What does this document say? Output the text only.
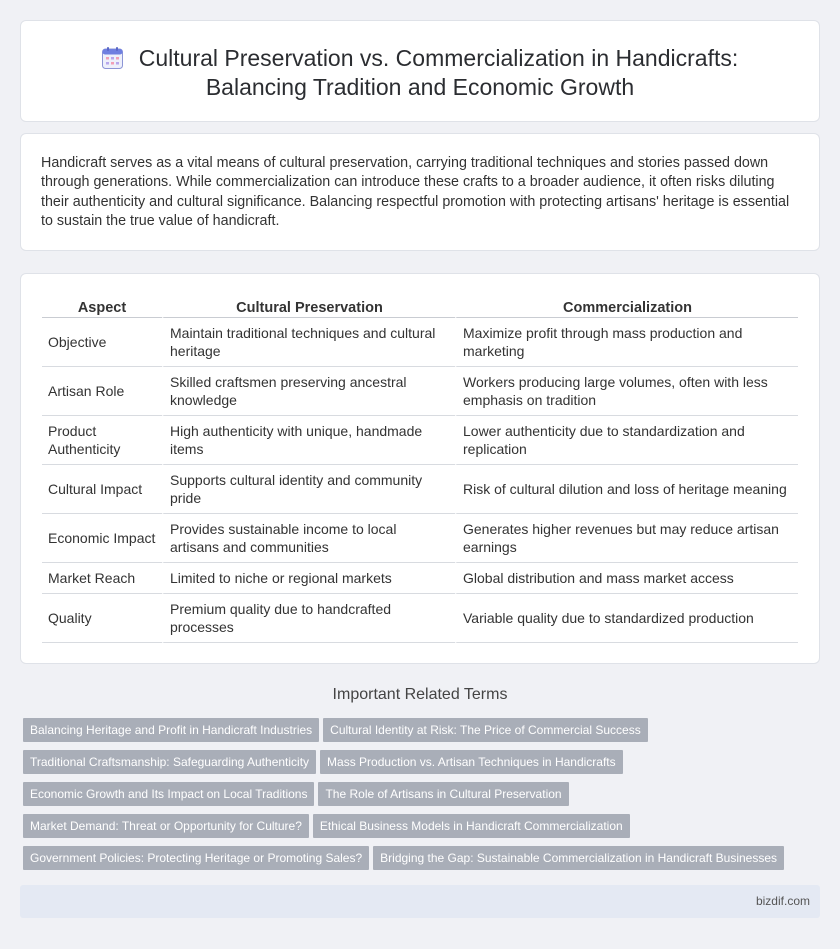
Cultural Preservation vs. Commercialization in Handicrafts:
Balancing Tradition and Economic Growth

Handicraft serves as a vital means of cultural preservation, carrying traditional techniques and stories passed down through generations. While commercialization can introduce these crafts to a broader audience, it often risks diluting their authenticity and cultural significance. Balancing respectful promotion with protecting artisans' heritage is essential to sustain the true value of handicraft.

Aspect	Cultural Preservation	Commercialization
Objective	Maintain traditional techniques and cultural heritage	Maximize profit through mass production and marketing
Artisan Role	Skilled craftsmen preserving ancestral knowledge	Workers producing large volumes, often with less emphasis on tradition
Product Authenticity	High authenticity with unique, handmade items	Lower authenticity due to standardization and replication
Cultural Impact	Supports cultural identity and community pride	Risk of cultural dilution and loss of heritage meaning
Economic Impact	Provides sustainable income to local artisans and communities	Generates higher revenues but may reduce artisan earnings
Market Reach	Limited to niche or regional markets	Global distribution and mass market access
Quality	Premium quality due to handcrafted processes	Variable quality due to standardized production
Important Related Terms
Balancing Heritage and Profit in Handicraft Industries Cultural Identity at Risk: The Price of Commercial Success
Traditional Craftsmanship: Safeguarding Authenticity Mass Production vs. Artisan Techniques in Handicrafts
Economic Growth and Its Impact on Local Traditions The Role of Artisans in Cultural Preservation
Market Demand: Threat or Opportunity for Culture? Ethical Business Models in Handicraft Commercialization
Government Policies: Protecting Heritage or Promoting Sales? Bridging the Gap: Sustainable Commercialization in Handicraft Businesses
bizdif.com
